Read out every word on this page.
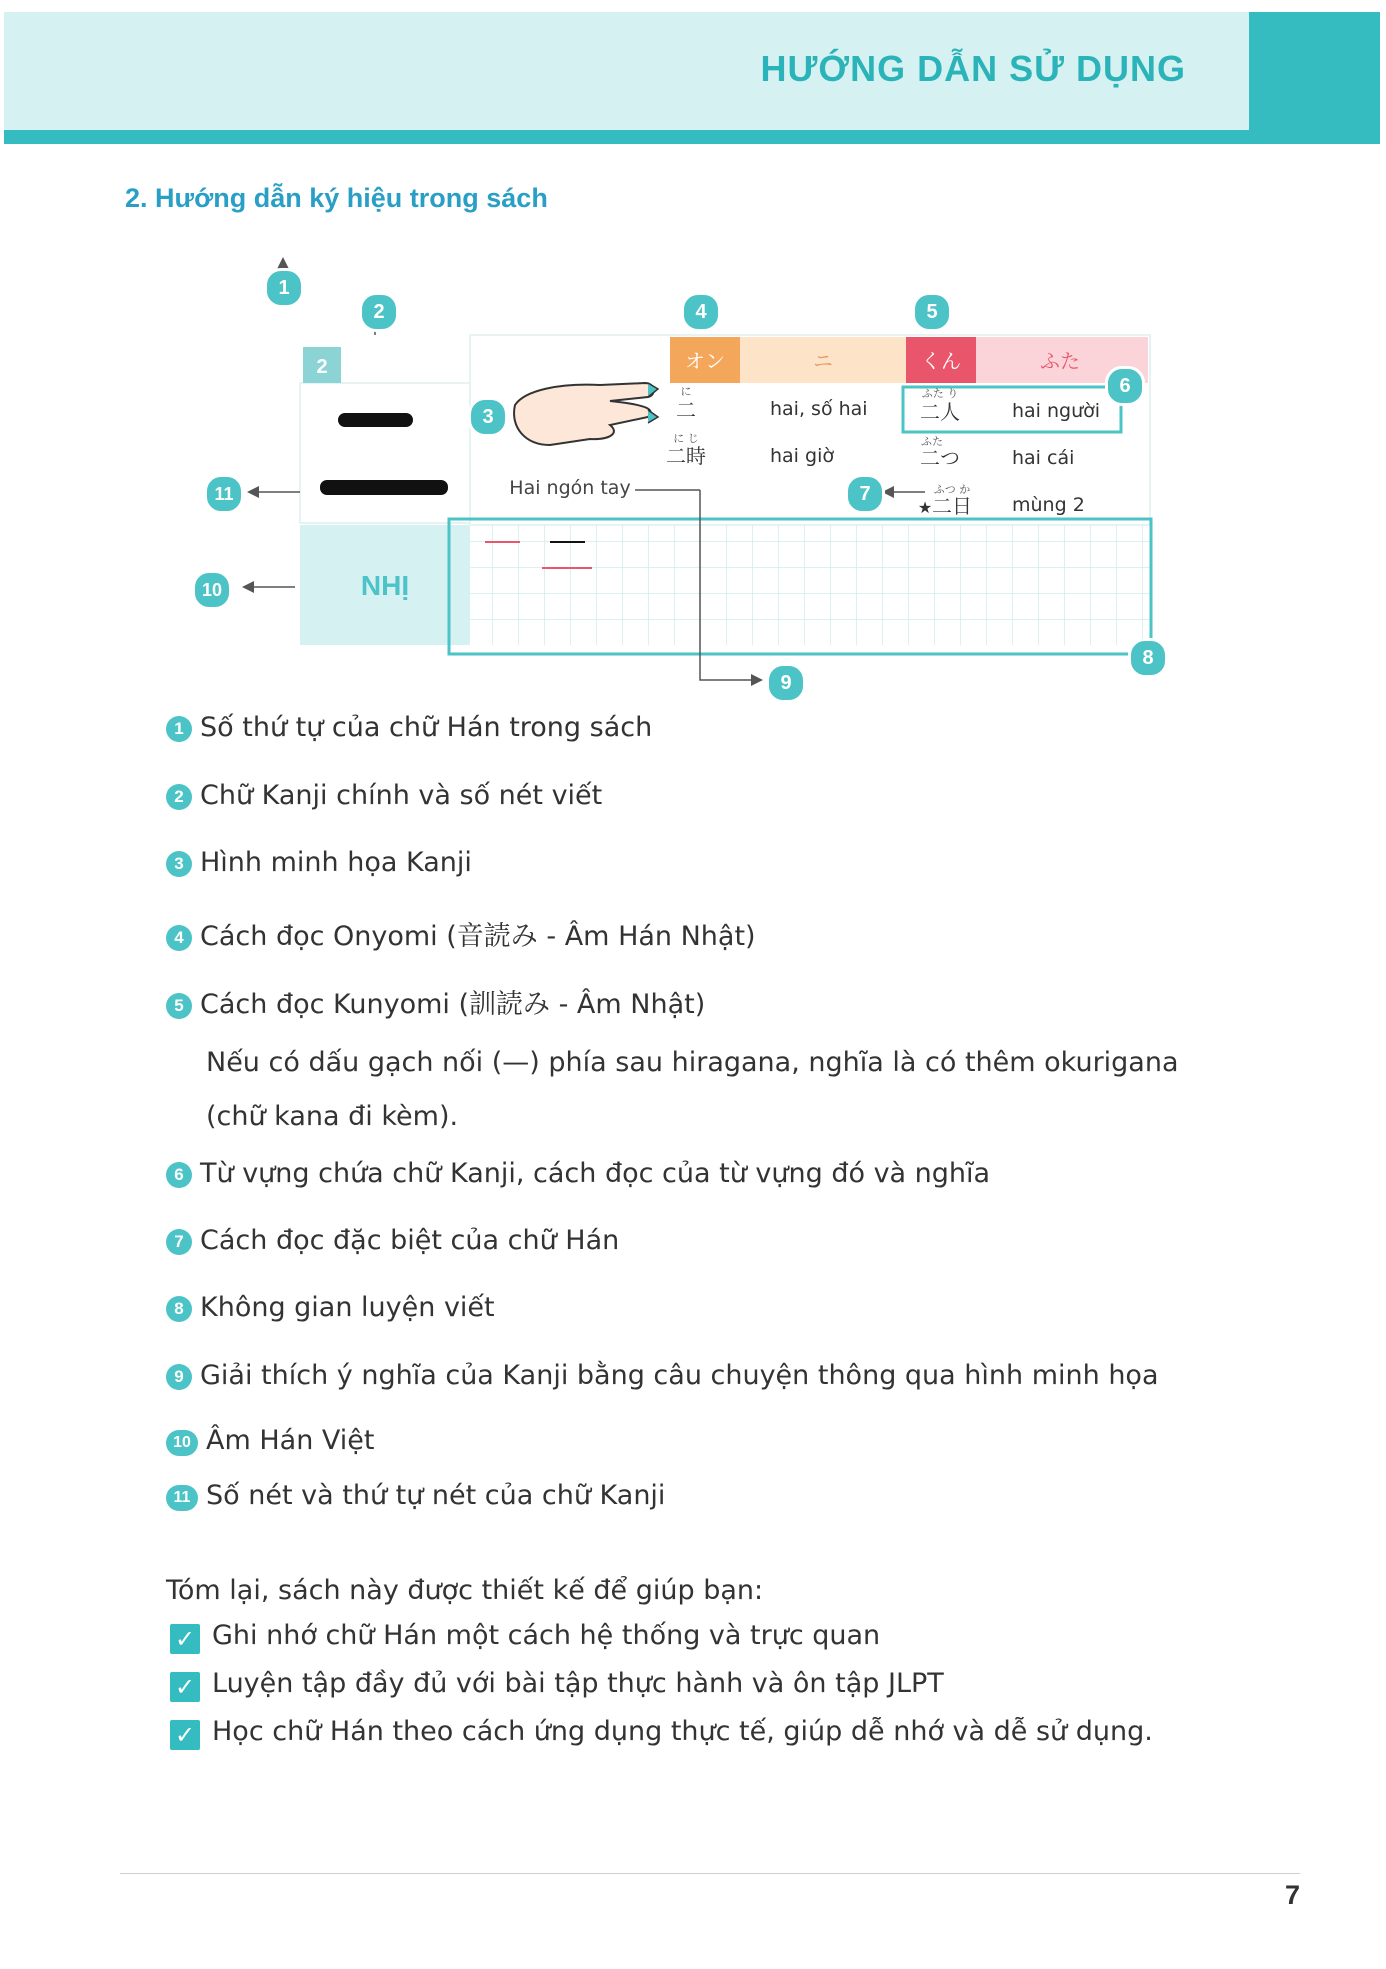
HƯỚNG DẪN SỬ DỤNG
2. Hướng dẫn ký hiệu trong sách
2
NHỊ
オン	ニ	くん	ふた
Hai ngón tay
に
二	hai, số hai
に じ
二時	hai giờ
ふた り
二人	hai người
ふた
二つ	hai cái
ふつ か
★ 二日 mùng 2
1
2
3
4	5
6
7
8
9
10
11
1 Số thứ tự của chữ Hán trong sách
2 Chữ Kanji chính và số nét viết
3 Hình minh họa Kanji
4 Cách đọc Onyomi (音読み - Âm Hán Nhật)
5 Cách đọc Kunyomi (訓読み - Âm Nhật)
Nếu có dấu gạch nối (—) phía sau hiragana, nghĩa là có thêm okurigana
(chữ kana đi kèm).
6 Từ vựng chứa chữ Kanji, cách đọc của từ vựng đó và nghĩa
7 Cách đọc đặc biệt của chữ Hán
8 Không gian luyện viết
9 Giải thích ý nghĩa của Kanji bằng câu chuyện thông qua hình minh họa
10 Âm Hán Việt
11 Số nét và thứ tự nét của chữ Kanji
Tóm lại, sách này được thiết kế để giúp bạn:
✓ Ghi nhớ chữ Hán một cách hệ thống và trực quan
✓ Luyện tập đầy đủ với bài tập thực hành và ôn tập JLPT
✓ Học chữ Hán theo cách ứng dụng thực tế, giúp dễ nhớ và dễ sử dụng.
7
